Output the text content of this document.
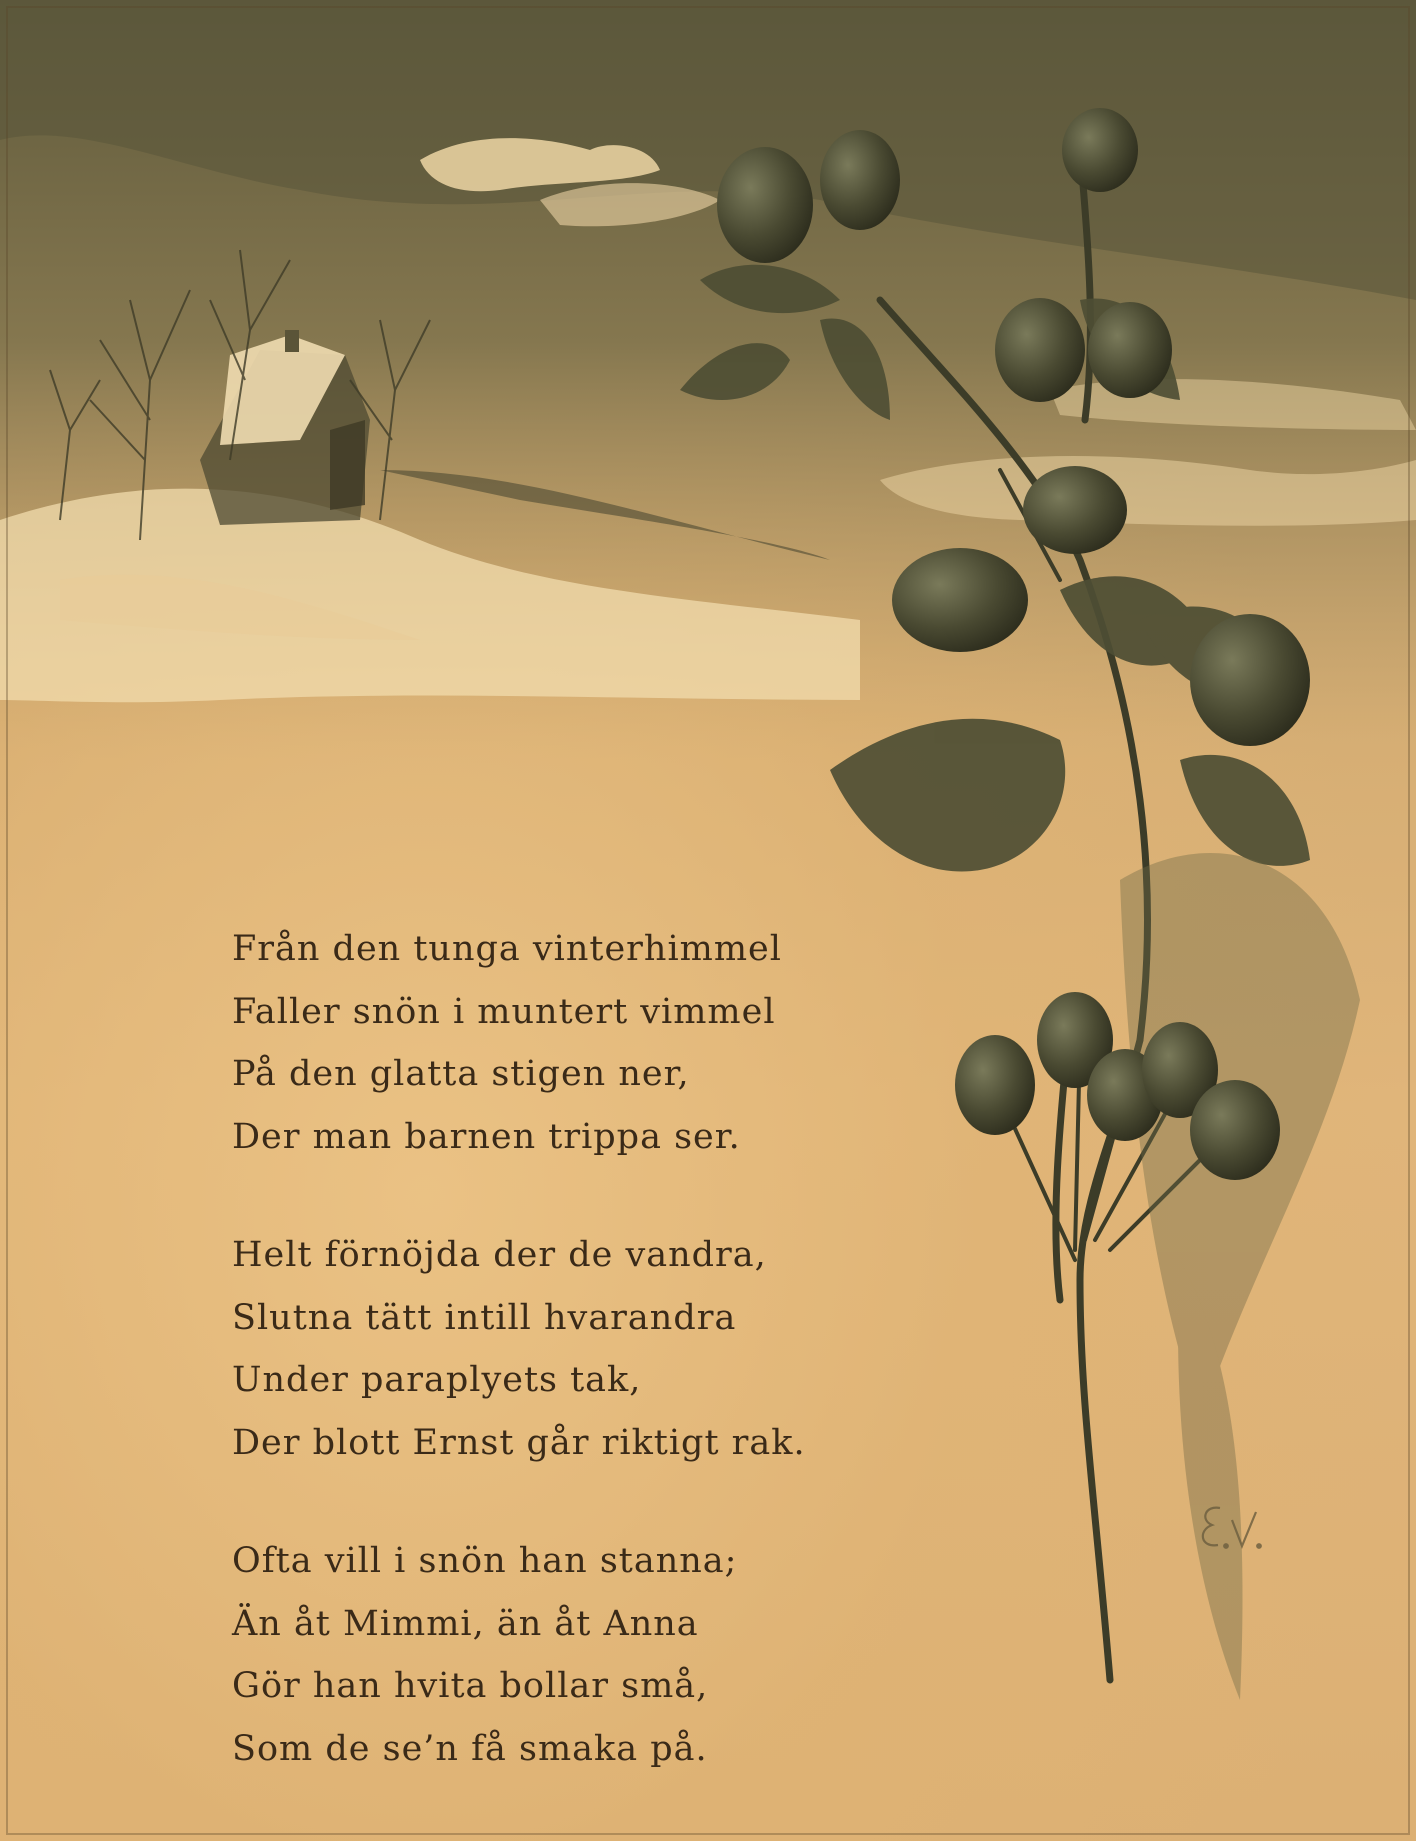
Från den tunga vinterhimmel
Faller snön i muntert vimmel
På den glatta stigen ner,
Der man barnen trippa ser.
Helt förnöjda der de vandra,
Slutna tätt intill hvarandra
Under paraplyets tak,
Der blott Ernst går riktigt rak.
Ofta vill i snön han stanna;
Än åt Mimmi, än åt Anna
Gör han hvita bollar små,
Som de se’n få smaka på.
